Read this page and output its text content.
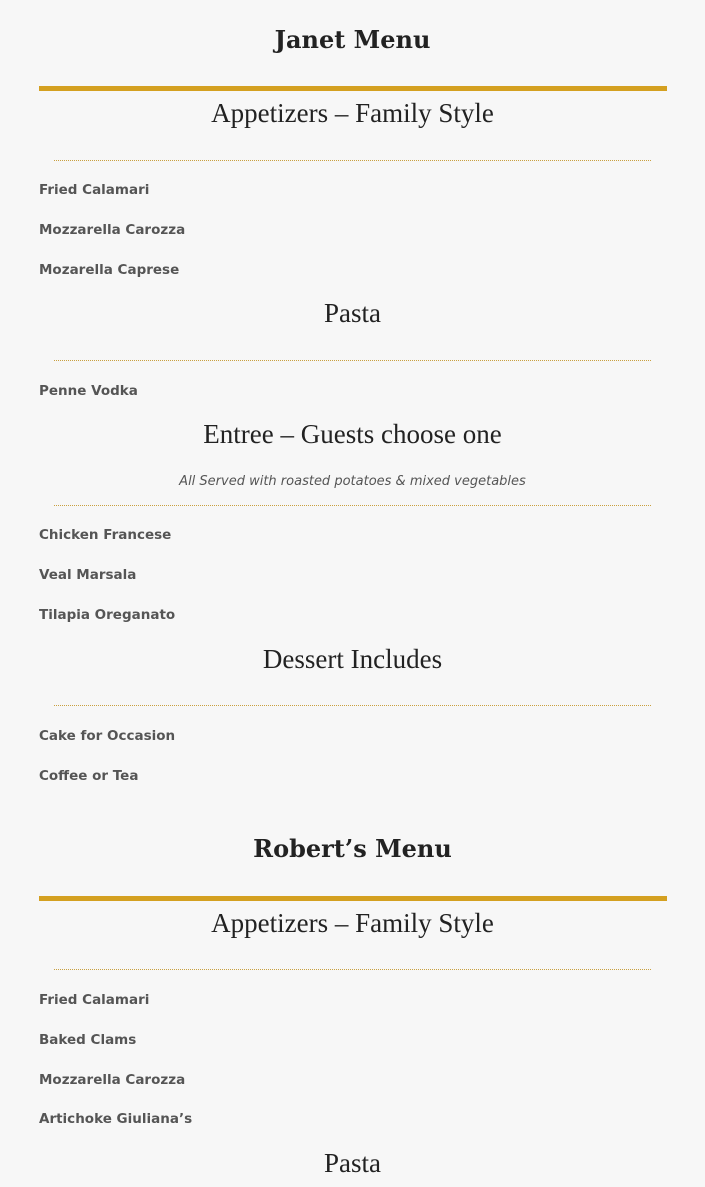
Janet Menu
Appetizers – Family Style
Fried Calamari
Mozzarella Carozza
Mozarella Caprese
Pasta
Penne Vodka
Entree – Guests choose one
All Served with roasted potatoes & mixed vegetables
Chicken Francese
Veal Marsala
Tilapia Oreganato
Dessert Includes
Cake for Occasion
Coffee or Tea
Robert’s Menu
Appetizers – Family Style
Fried Calamari
Baked Clams
Mozzarella Carozza
Artichoke Giuliana’s
Pasta
